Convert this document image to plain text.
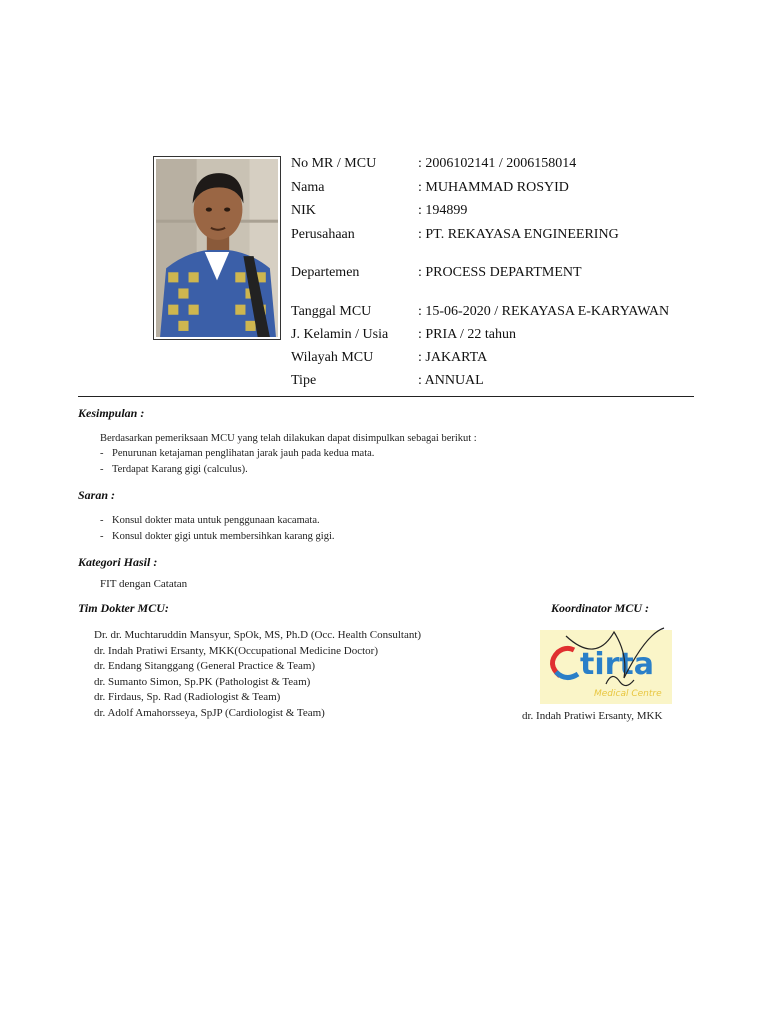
No MR / MCU	: 2006102141 / 2006158014
Nama	: MUHAMMAD ROSYID
NIK	: 194899
Perusahaan	: PT. REKAYASA ENGINEERING
Departemen	: PROCESS DEPARTMENT
Tanggal MCU	: 15-06-2020 / REKAYASA E-KARYAWAN
J. Kelamin / Usia : PRIA / 22 tahun
Wilayah MCU	: JAKARTA
Tipe	: ANNUAL
Kesimpulan :
Berdasarkan pemeriksaan MCU yang telah dilakukan dapat disimpulkan sebagai berikut :
- Penurunan ketajaman penglihatan jarak jauh pada kedua mata.
- Terdapat Karang gigi (calculus).
Saran :
- Konsul dokter mata untuk penggunaan kacamata.
- Konsul dokter gigi untuk membersihkan karang gigi.
Kategori Hasil :
FIT dengan Catatan
Tim Dokter MCU:
Dr. dr. Muchtaruddin Mansyur, SpOk, MS, Ph.D (Occ. Health Consultant)
dr. Indah Pratiwi Ersanty, MKK(Occupational Medicine Doctor)
dr. Endang Sitanggang (General Practice & Team)
dr. Sumanto Simon, Sp.PK (Pathologist & Team)
dr. Firdaus, Sp. Rad (Radiologist & Team)
dr. Adolf Amahorsseya, SpJP (Cardiologist & Team)
Koordinator MCU :
tirta
Medical Centre
dr. Indah Pratiwi Ersanty, MKK
